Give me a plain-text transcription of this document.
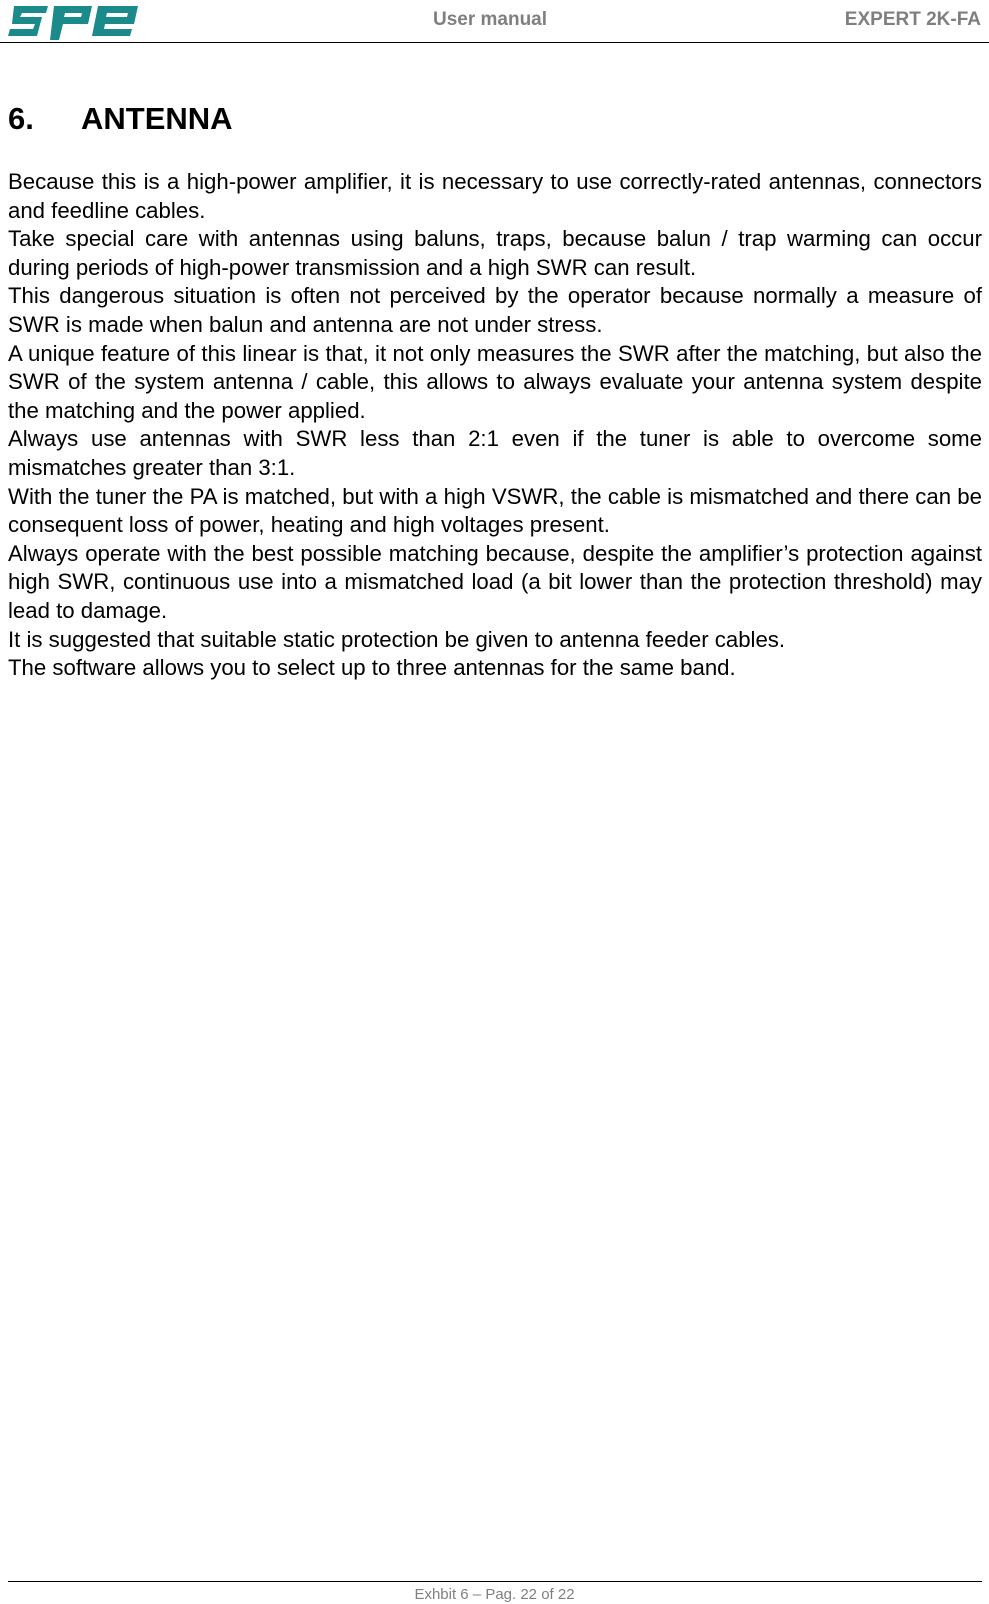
User manual	EXPERT 2K-FA
6. ANTENNA

Because this is a high-power amplifier, it is necessary to use correctly-rated antennas, connectors and feedline cables.

Take special care with antennas using baluns, traps, because balun / trap warming can occur during periods of high-power transmission and a high SWR can result.

This dangerous situation is often not perceived by the operator because normally a measure of SWR is made when balun and antenna are not under stress.

A unique feature of this linear is that, it not only measures the SWR after the matching, but also the SWR of the system antenna / cable, this allows to always evaluate your antenna system despite the matching and the power applied.

Always use antennas with SWR less than 2:1 even if the tuner is able to overcome some mismatches greater than 3:1.

With the tuner the PA is matched, but with a high VSWR, the cable is mismatched and there can be consequent loss of power, heating and high voltages present.

Always operate with the best possible matching because, despite the amplifier’s protection against high SWR, continuous use into a mismatched load (a bit lower than the protection threshold) may lead to damage.

It is suggested that suitable static protection be given to antenna feeder cables.

The software allows you to select up to three antennas for the same band.

Exhbit 6 – Pag. 22 of 22
